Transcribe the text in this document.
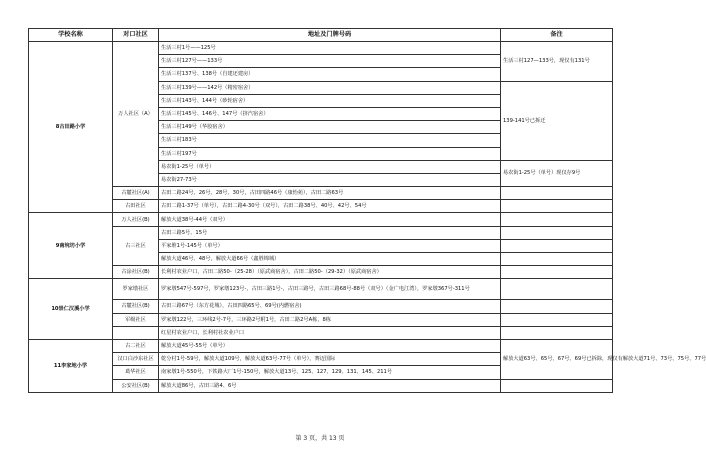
学校名称	对口社区	地址及门牌号码	备注
8古田路小学	万人社区（A）	生活三村1号——125号	生活三村127—133号，现仅有131号
		生活三村127号——133号	
		生活三村137号、138号（自建还建房）	
		生活三村139号——142号（精密宿舍）	139-141号已拆迁
		生活三村143号、144号（砂轮宿舍）	
		生活三村145号、146号、147号（挤汽宿舍）	
		生活三村149号（华胶宿舍）	
		生活三村183号	
		生活三村197号	
		易农街1-25号（单号）	易农街1-25号（单号）现仅存9号
		易农街27-73号	
	古麓社区(A)	古田二路24号、26号、28号、30号，古田四路46号（康怡苑），古田二路63号	
	古田社区	古田二路1-37号（单号），古田二路4-30号（双号），古田二路38号、40号、42号、54号	
9南垸坊小学	万人社区(B)	解放大道38号-44号（双号）	
	古三社区	古田三路5号、15号	
		平家堆1号-145号（单号）	
		解放大道46号、48号，解放大道66号（鑫胜锦城）	
	古涂社区(B)	长利村农业户口，古田二路50-（25-28）（原武商宿舍），古田二路50-（29-32）（原武商宿舍）	
10崇仁汉溪小学	罗家墩社区	罗家墩547号-597号，罗家墩123号-，古田三路1号-，古田三路号，古田三路68号-88号（双号）（金广电江湾），罗家墩367号-311号	
	古麓社区(B)	古田三路67号（东方花城），古田四路65号、69号(内燃宿舍)	
	军级社区	罗家墩122号，三环线2号-7号，三环路2号附1号，古田二路2号A栋，8栋	
		红星村农业户口，长利村社农业户口	
11李家地小学	古二社区	解放大道45号-55号（单号）	解放大道63号、65号、67号、69号已拆除，现仅有解放大道71号、73号、75号、77号
	汉口白沙东社区	乾分村1号-59号，解放大道109号，解放大道63号-77号（单号），赛迈国际	
	葛华社区	南家墩1号-550号，下铁路大厂1号-150号，解放大道13号、125、127、129、131、145、211号	
	公安社区(B)	解放大道86号，古田三路4、6号	
第 3 页，共 13 页
